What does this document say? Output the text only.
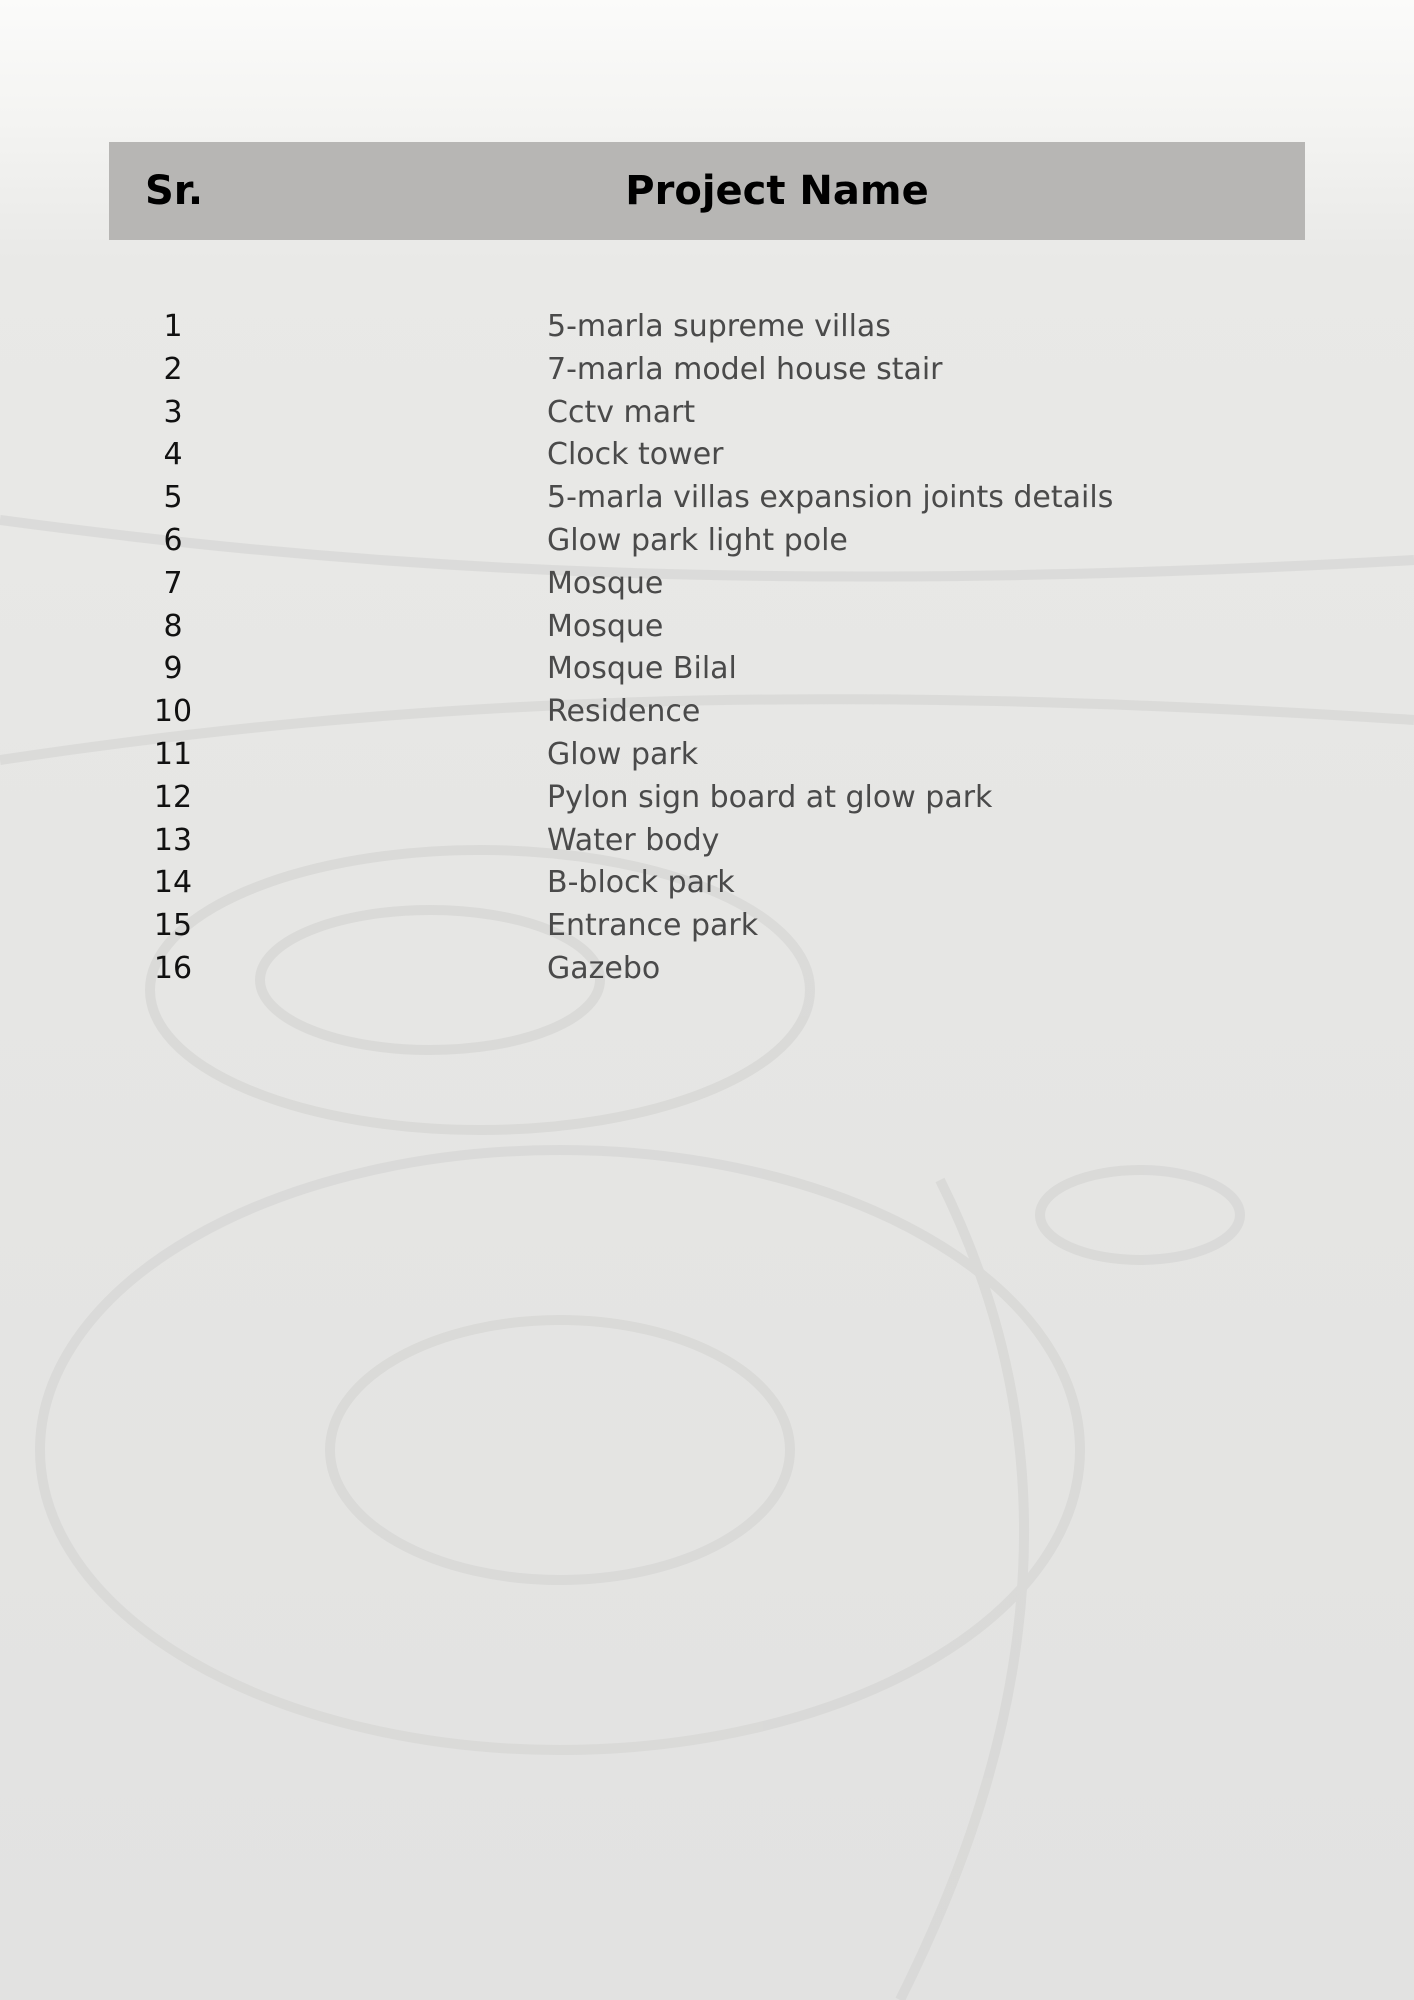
Sr.	Project Name
1	5-marla supreme villas
2	7-marla model house stair
3	Cctv mart
4	Clock tower
5	5-marla villas expansion joints details
6	Glow park light pole
7	Mosque
8	Mosque
9	Mosque Bilal
10	Residence
11	Glow park
12	Pylon sign board at glow park
13	Water body
14	B-block park
15	Entrance park
16	Gazebo
